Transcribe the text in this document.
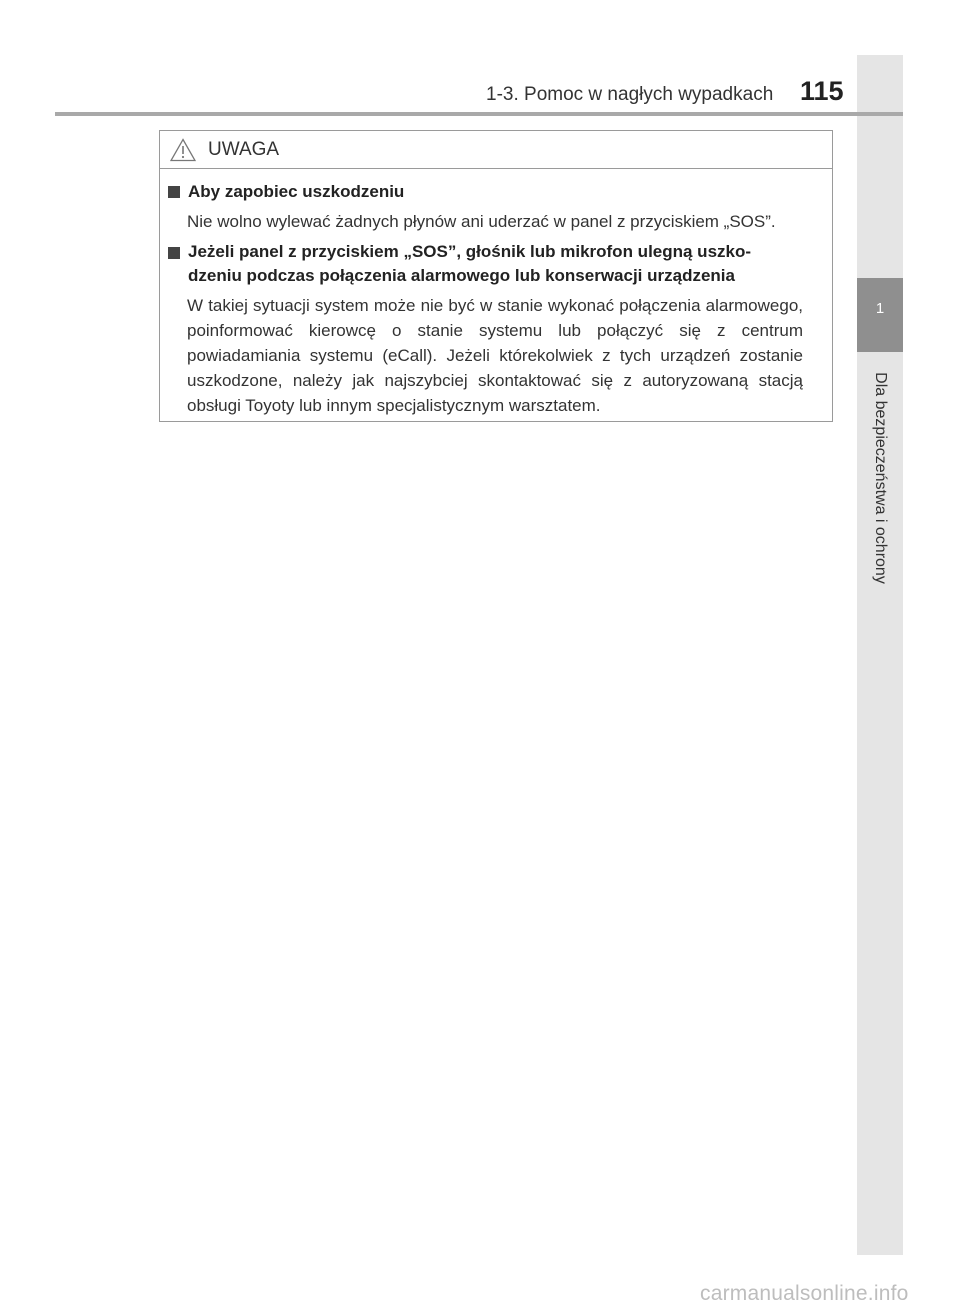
1
Dla bezpieczeństwa i ochrony
1-3. Pomoc w nagłych wypadkach 115
UWAGA
Aby zapobiec uszkodzeniu
Nie wolno wylewać żadnych płynów ani uderzać w panel z przyciskiem „SOS”.
Jeżeli panel z przyciskiem „SOS”, głośnik lub mikrofon ulegną uszko-
dzeniu podczas połączenia alarmowego lub konserwacji urządzenia
W takiej sytuacji system może nie być w stanie wykonać połączenia alarmowego, poinformować kierowcę o stanie systemu lub połączyć się z centrum powiadamiania systemu (eCall). Jeżeli którekolwiek z tych urządzeń zostanie uszkodzone, należy jak najszybciej skontaktować się z autoryzowaną stacją obsługi Toyoty lub innym specjalistycznym warsztatem.
carmanualsonline.info
